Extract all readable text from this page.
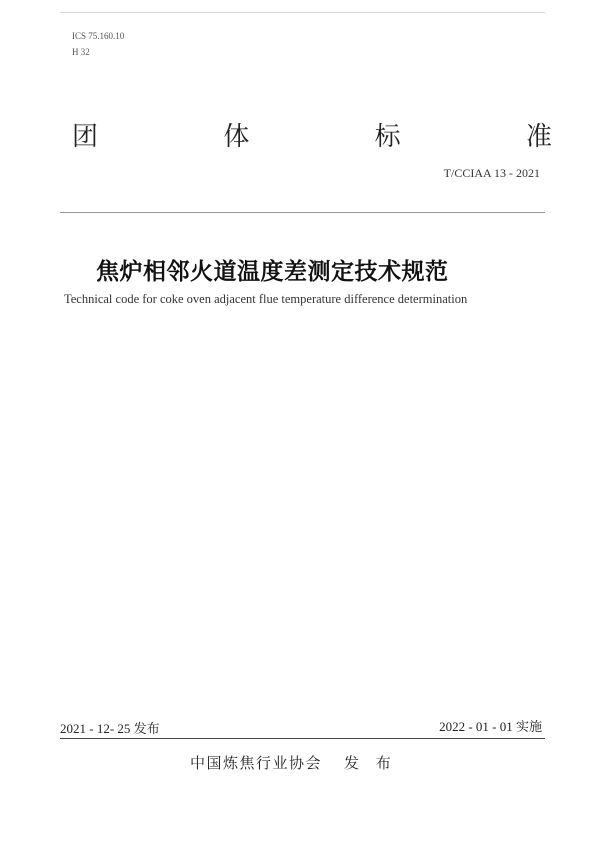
ICS 75.160.10
H 32
团	体	标	准
T/CCIAA 13 - 2021
焦炉相邻火道温度差测定技术规范
Technical code for coke oven adjacent flue temperature difference determination
2021 - 12- 25 发布	2022 - 01 - 01 实施
中国炼焦行业协会 发 布
